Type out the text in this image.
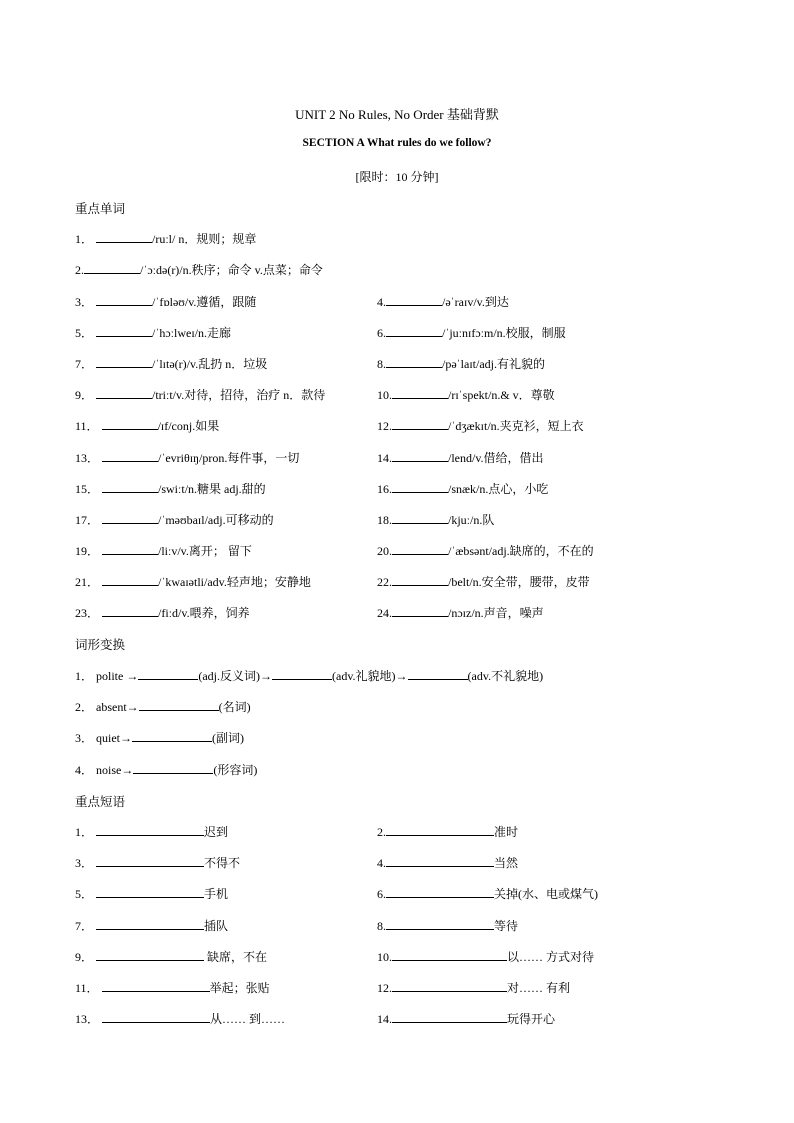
UNIT 2 No Rules, No Order 基础背默
SECTION A What rules do we follow?
[限时：10 分钟]
重点单词
1．	/ruːl/ n．规则；规章
2.	/ˈɔːdə(r)/n.秩序；命令 v.点菜；命令
3．	/ˈfɒləʊ/v.遵循，跟随	4.	/əˈraɪv/v.到达
5．	/ˈhɔːlweɪ/n.走廊	6.	/ˈjuːnɪfɔːm/n.校服，制服
7．	/ˈlɪtə(r)/v.乱扔 n．垃圾	8.	/pəˈlaɪt/adj.有礼貌的
9．	/triːt/v.对待，招待，治疗 n．款待	10.	/rɪˈspekt/n.& v．尊敬
11．	/ɪf/conj.如果	12.	/ˈdʒækɪt/n.夹克衫，短上衣
13．	/ˈevriθɪŋ/pron.每件事，一切	14.	/lend/v.借给，借出
15．	/swiːt/n.糖果 adj.甜的	16.	/snæk/n.点心，小吃
17．	/ˈməʊbaɪl/adj.可移动的	18.	/kjuː/n.队
19．	/liːv/v.离开； 留下	20.	/ˈæbsənt/adj.缺席的，不在的
21．	/ˈkwaɪətli/adv.轻声地；安静地	22.	/belt/n.安全带，腰带，皮带
23．	/fiːd/v.喂养，饲养	24.	/nɔɪz/n.声音，噪声
词形变换
1． polite →	(adj.反义词)→	(adv.礼貌地)→	(adv.不礼貌地)
2． absent→	(名词)
3． quiet→	(副词)
4． noise→	(形容词)
重点短语
1．	迟到	2.	准时
3．	不得不	4.	当然
5．	手机	6.	关掉(水、电或煤气)
7．	插队	8.	等待
9．	缺席，不在	10.	以…… 方式对待
11．	举起；张贴	12.	对…… 有利
13．	从…… 到……	14.	玩得开心
